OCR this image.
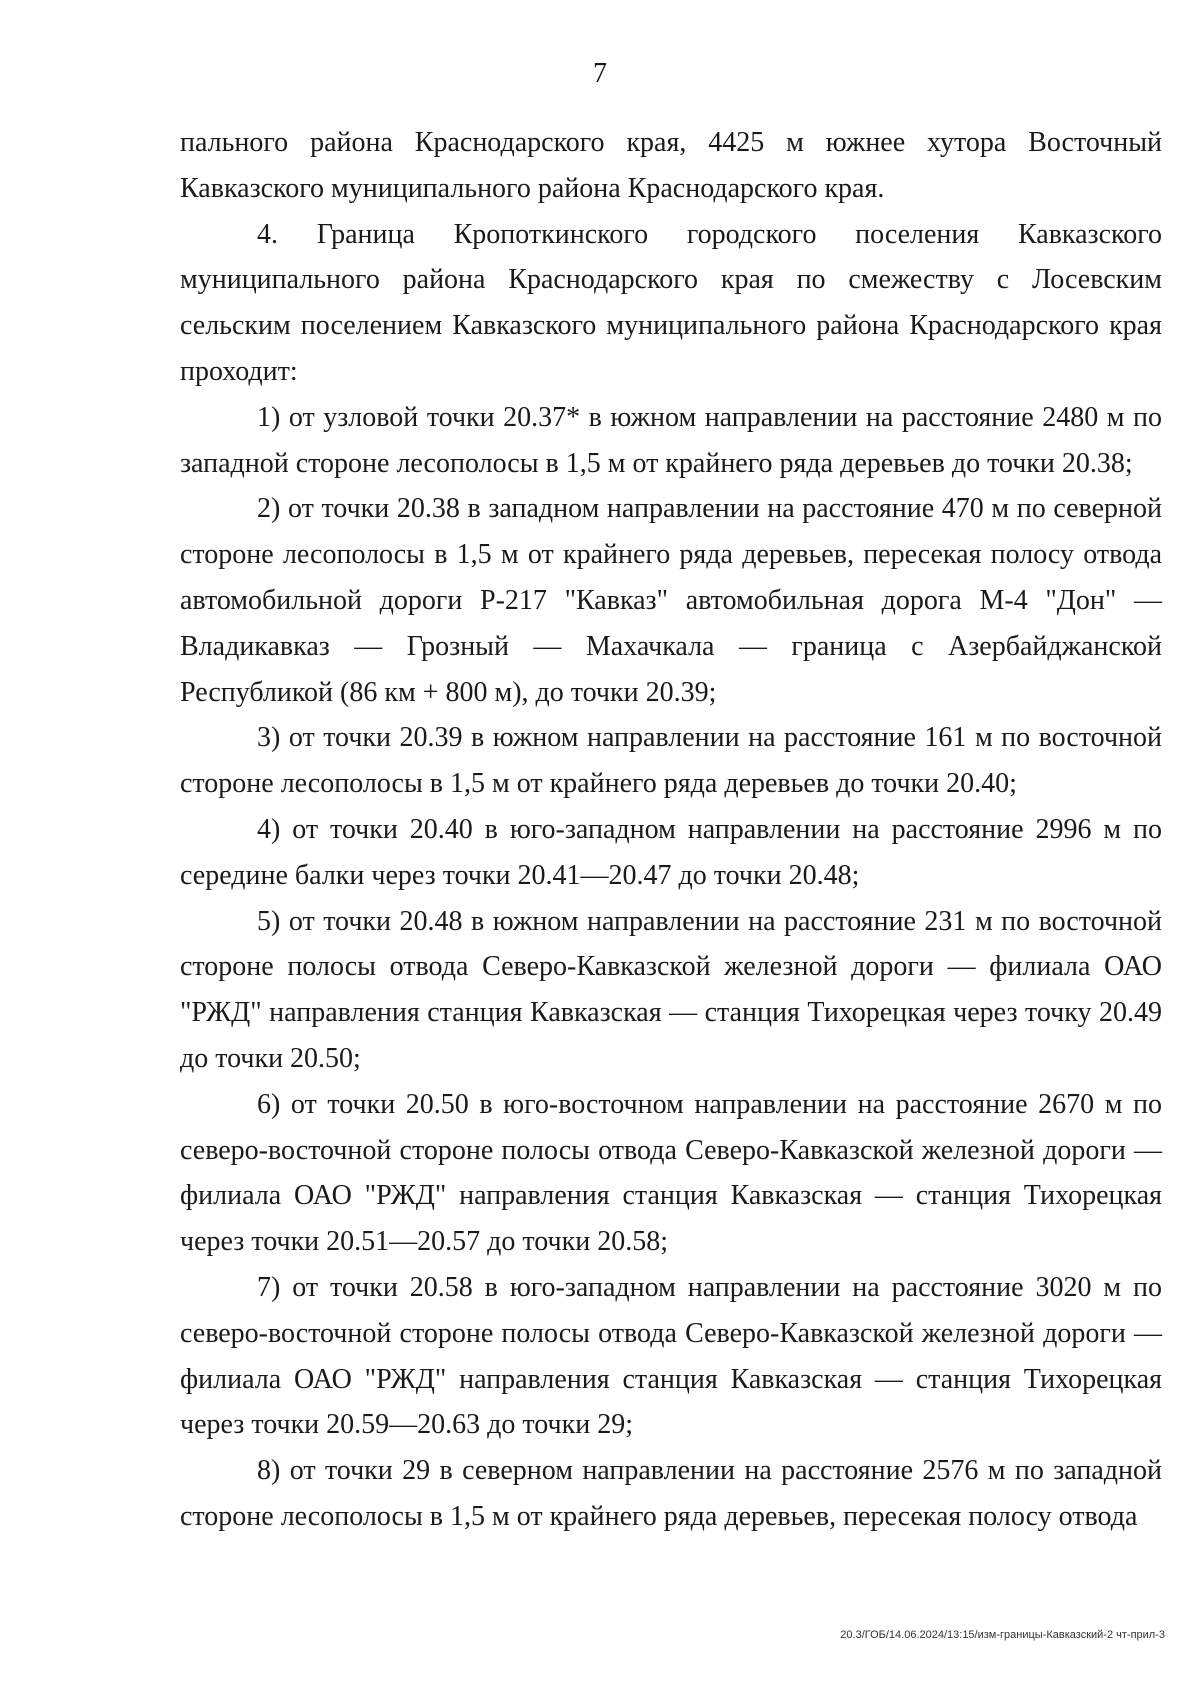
7

пального района Краснодарского края, 4425 м южнее хутора Восточный Кавказского муниципального района Краснодарского края.

4. Граница Кропоткинского городского поселения Кавказского муниципального района Краснодарского края по смежеству с Лосевским сельским поселением Кавказского муниципального района Краснодарского края проходит:

1) от узловой точки 20.37* в южном направлении на расстояние 2480 м по западной стороне лесополосы в 1,5 м от крайнего ряда деревьев до точки 20.38;

2) от точки 20.38 в западном направлении на расстояние 470 м по северной стороне лесополосы в 1,5 м от крайнего ряда деревьев, пересекая полосу отвода автомобильной дороги Р-217 "Кавказ" автомобильная дорога М-4 "Дон" — Владикавказ — Грозный — Махачкала — граница с Азербайджанской Республикой (86 км + 800 м), до точки 20.39;

3) от точки 20.39 в южном направлении на расстояние 161 м по восточной стороне лесополосы в 1,5 м от крайнего ряда деревьев до точки 20.40;

4) от точки 20.40 в юго-западном направлении на расстояние 2996 м по середине балки через точки 20.41—20.47 до точки 20.48;

5) от точки 20.48 в южном направлении на расстояние 231 м по восточной стороне полосы отвода Северо-Кавказской железной дороги — филиала ОАО "РЖД" направления станция Кавказская — станция Тихорецкая через точку 20.49 до точки 20.50;

6) от точки 20.50 в юго-восточном направлении на расстояние 2670 м по северо-восточной стороне полосы отвода Северо-Кавказской железной дороги — филиала ОАО "РЖД" направления станция Кавказская — станция Тихорецкая через точки 20.51—20.57 до точки 20.58;

7) от точки 20.58 в юго-западном направлении на расстояние 3020 м по северо-восточной стороне полосы отвода Северо-Кавказской железной дороги — филиала ОАО "РЖД" направления станция Кавказская — станция Тихорецкая через точки 20.59—20.63 до точки 29;

8) от точки 29 в северном направлении на расстояние 2576 м по западной стороне лесополосы в 1,5 м от крайнего ряда деревьев, пересекая полосу отвода

20.3/ГОБ/14.06.2024/13:15/изм-границы-Кавказский-2 чт-прил-3
